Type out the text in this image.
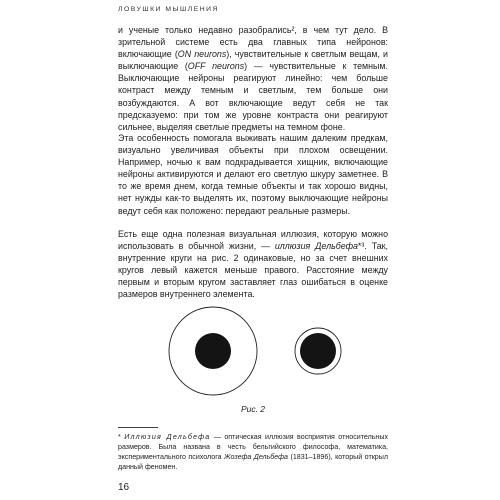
ЛОВУШКИ МЫШЛЕНИЯ

и ученые только недавно разобрались², в чем тут дело. В зрительной системе есть два главных типа нейронов: включающие (ON neurons), чувствительные к светлым вещам, и выключающие (OFF neurons) — чувствительные к темным. Выключающие нейроны реагируют линейно: чем больше контраст между темным и светлым, тем больше они возбуждаются. А вот включающие ведут себя не так предсказуемо: при том же уровне контраста они реагируют сильнее, выделяя светлые предметы на темном фоне.

Эта особенность помогала выживать нашим далеким предкам, визуально увеличивая объекты при плохом освещении. Например, ночью к вам подкрадывается хищник, включающие нейроны активируются и делают его светлую шкуру заметнее. В то же время днем, когда темные объекты и так хорошо видны, нет нужды как-то выделять их, поэтому выключающие нейроны ведут себя как положено: передают реальные размеры.

Есть еще одна полезная визуальная иллюзия, которую можно использовать в обычной жизни, — иллюзия Дельбефа*³. Так, внутренние круги на рис. 2 одинаковые, но за счет внешних кругов левый кажется меньше правого. Расстояние между первым и вторым кругом заставляет глаз ошибаться в оценке размеров внутреннего элемента.

Рис. 2

* Иллюзия Дельбефа — оптическая иллюзия восприятия относительных размеров. Была названа в честь бельгийского философа, математика, экспериментального психолога Жозефа Дельбефа (1831–1896), который открыл данный феномен.

16
